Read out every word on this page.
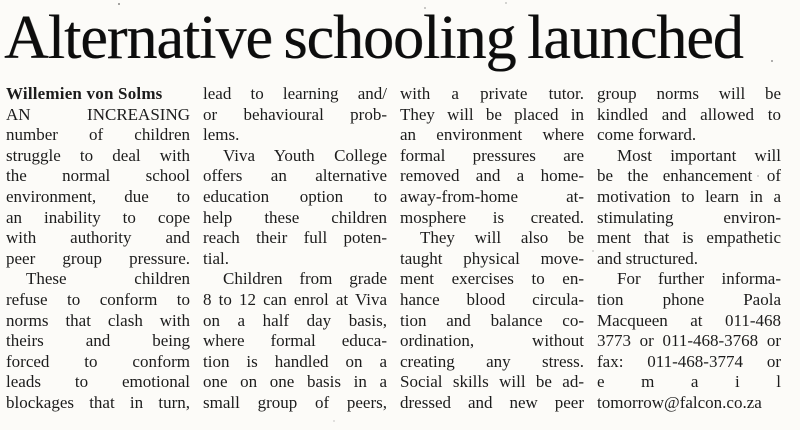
Alternative schooling launched
Willemien von Solms
AN INCREASING
number of children
struggle to deal with
the normal school
environment, due to
an inability to cope
with authority and
peer group pressure.
These children
refuse to conform to
norms that clash with
theirs and being
forced to conform
leads to emotional
blockages that in turn,
lead to learning and/
or behavioural prob-
lems.
Viva Youth College
offers an alternative
education option to
help these children
reach their full poten-
tial.
Children from grade
8 to 12 can enrol at Viva
on a half day basis,
where formal educa-
tion is handled on a
one on one basis in a
small group of peers,
with a private tutor.
They will be placed in
an environment where
formal pressures are
removed and a home-
away-from-home at-
mosphere is created.
They will also be
taught physical move-
ment exercises to en-
hance blood circula-
tion and balance co-
ordination, without
creating any stress.
Social skills will be ad-
dressed and new peer
group norms will be
kindled and allowed to
come forward.
Most important will
be the enhancement of
motivation to learn in a
stimulating environ-
ment that is empathetic
and structured.
For further informa-
tion phone Paola
Macqueen at 011-468
3773 or 011-468-3768 or
fax: 011-468-3774 or
e m a i l
tomorrow@falcon.co.za
